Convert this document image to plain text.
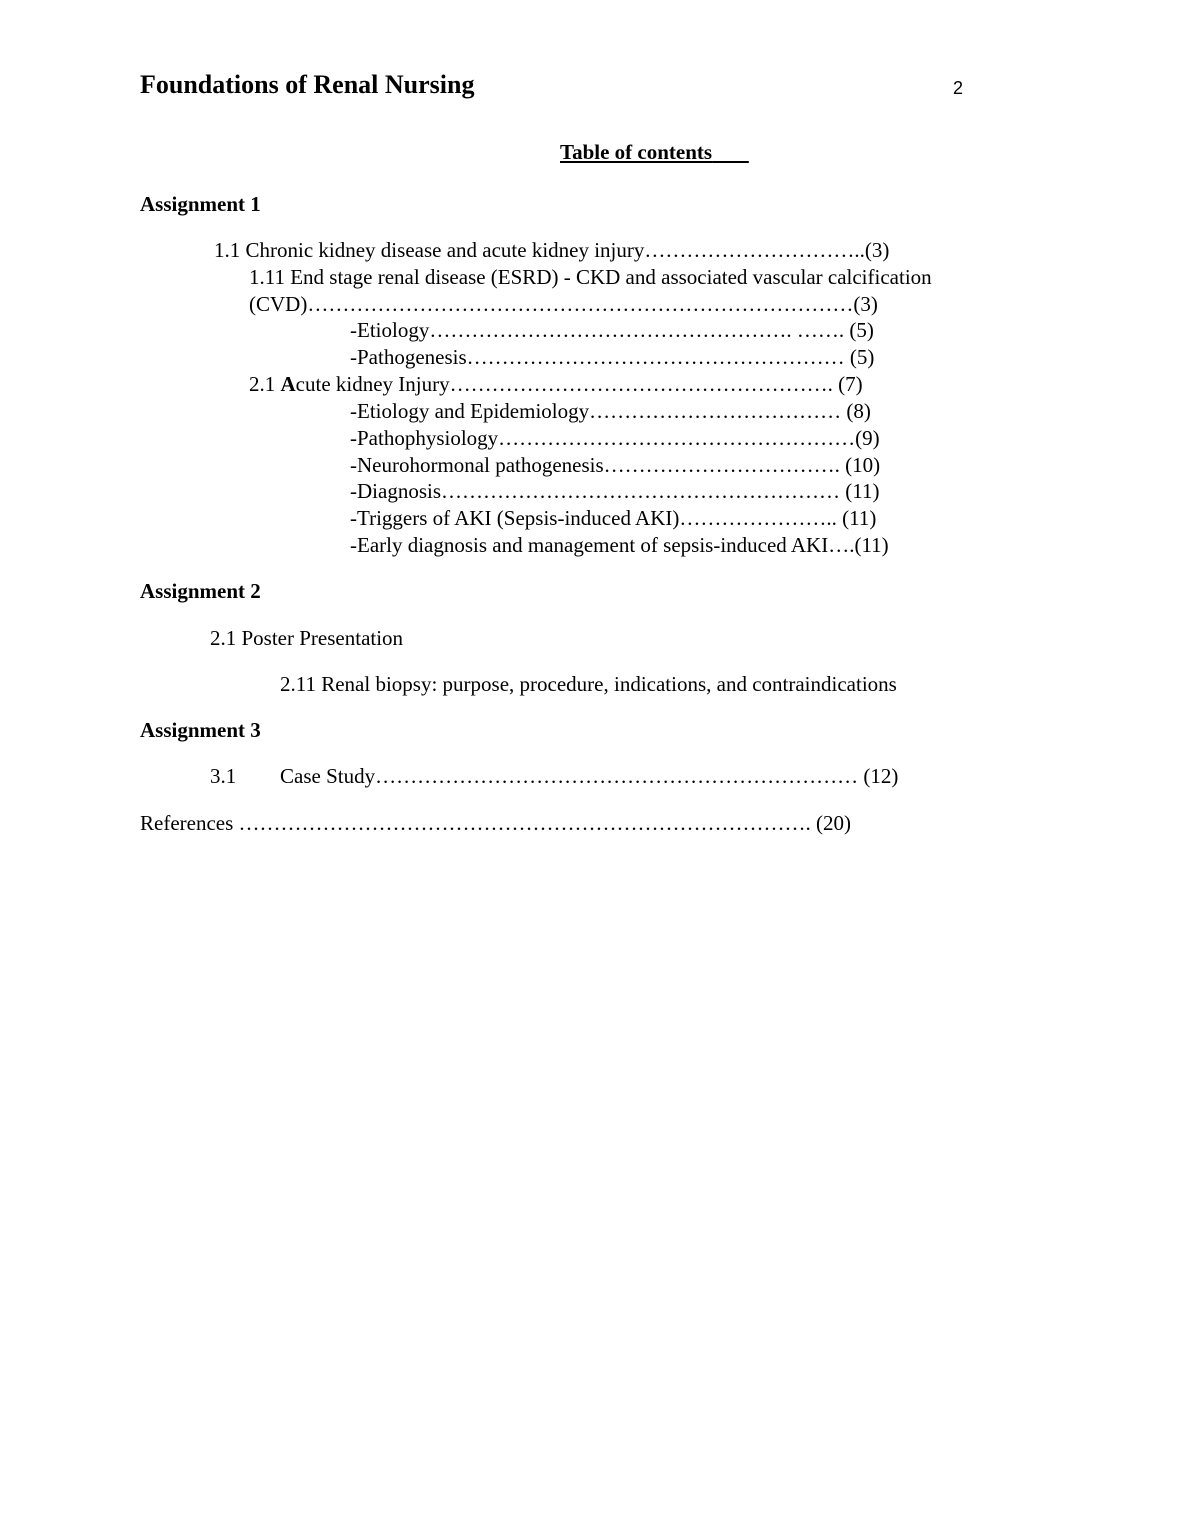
Foundations of Renal Nursing	2
Table of contents
Assignment 1
1.1 Chronic kidney disease and acute kidney injury…………………………..(3)
1.11 End stage renal disease (ESRD) - CKD and associated vascular calcification
(CVD)……………………………………………………………………(3)
-Etiology……………………………………………. ……. (5)
-Pathogenesis……………………………………………… (5)
2.1 Acute kidney Injury………………………………………………. (7)
-Etiology and Epidemiology……………………………… (8)
-Pathophysiology……………………………………………(9)
-Neurohormonal pathogenesis……………………………. (10)
-Diagnosis………………………………………………… (11)
-Triggers of AKI (Sepsis-induced AKI)………………….. (11)
-Early diagnosis and management of sepsis-induced AKI….(11)
Assignment 2
2.1 Poster Presentation
2.11 Renal biopsy: purpose, procedure, indications, and contraindications
Assignment 3
3.1 Case Study…………………………………………………………… (12)
References ………………………………………………………………………. (20)
